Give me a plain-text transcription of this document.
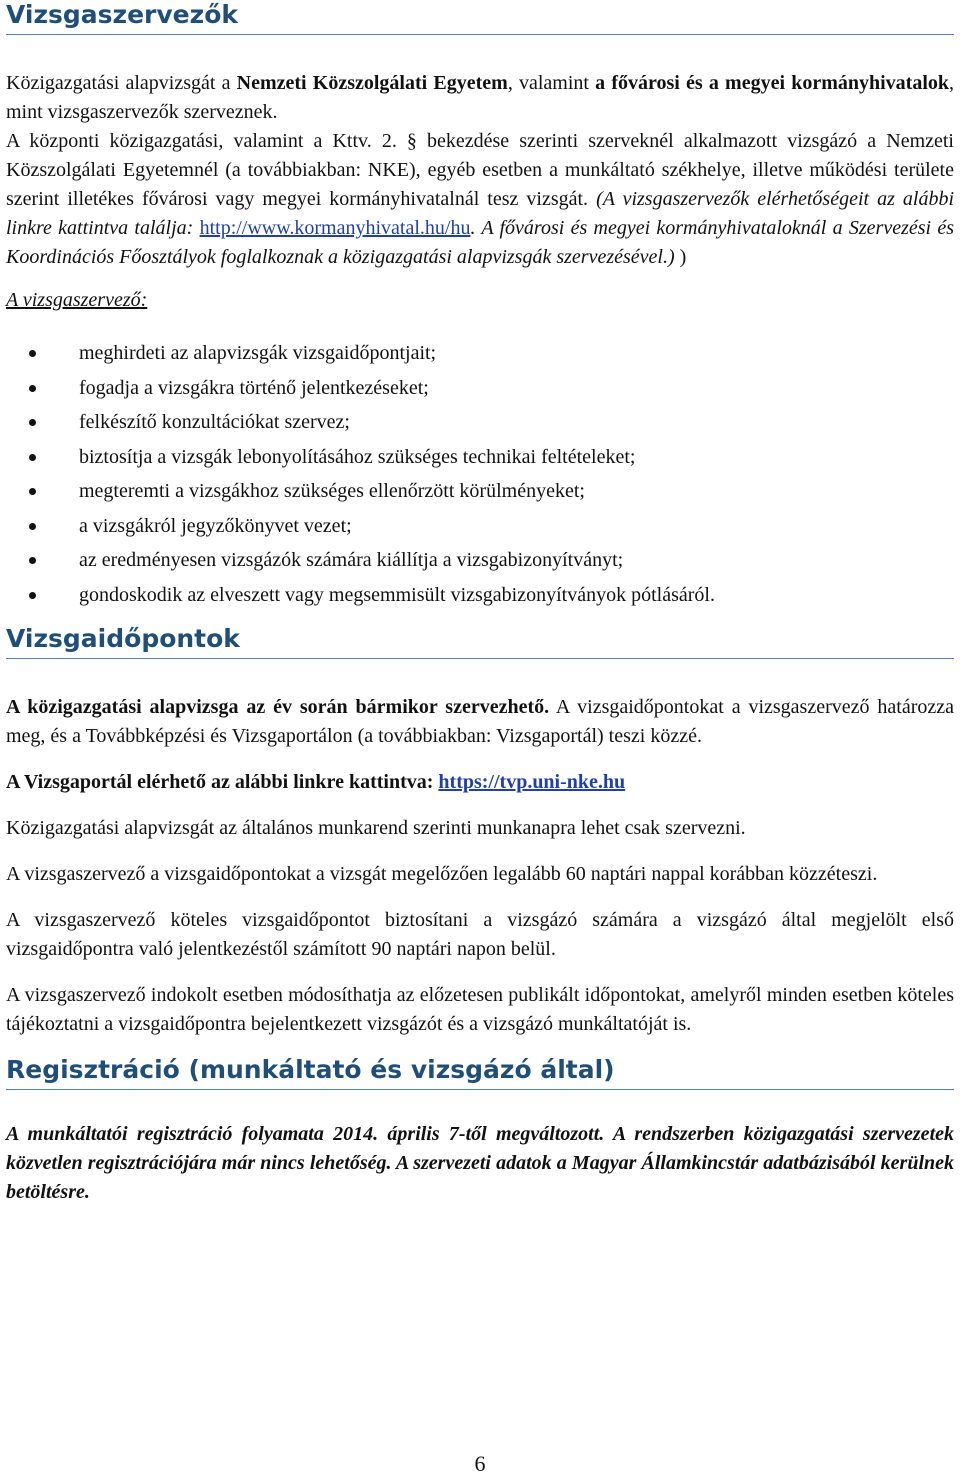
Vizsgaszervezők

Közigazgatási alapvizsgát a Nemzeti Közszolgálati Egyetem, valamint a fővárosi és a megyei kormányhivatalok, mint vizsgaszervezők szerveznek.
A központi közigazgatási, valamint a Kttv. 2. § bekezdése szerinti szerveknél alkalmazott vizsgázó a Nemzeti Közszolgálati Egyetemnél (a továbbiakban: NKE), egyéb esetben a munkáltató székhelye, illetve működési területe szerint illetékes fővárosi vagy megyei kormányhivatalnál tesz vizsgát. (A vizsgaszervezők elérhetőségeit az alábbi linkre kattintva találja: http://www.kormanyhivatal.hu/hu. A fővárosi és megyei kormányhivataloknál a Szervezési és Koordinációs Főosztályok foglalkoznak a közigazgatási alapvizsgák szervezésével.) )

A vizsgaszervező:

meghirdeti az alapvizsgák vizsgaidőpontjait;
fogadja a vizsgákra történő jelentkezéseket;
felkészítő konzultációkat szervez;
biztosítja a vizsgák lebonyolításához szükséges technikai feltételeket;
megteremti a vizsgákhoz szükséges ellenőrzött körülményeket;
a vizsgákról jegyzőkönyvet vezet;
az eredményesen vizsgázók számára kiállítja a vizsgabizonyítványt;
gondoskodik az elveszett vagy megsemmisült vizsgabizonyítványok pótlásáról.
Vizsgaidőpontok

A közigazgatási alapvizsga az év során bármikor szervezhető. A vizsgaidőpontokat a vizsgaszervező határozza meg, és a Továbbképzési és Vizsgaportálon (a továbbiakban: Vizsgaportál) teszi közzé.

A Vizsgaportál elérhető az alábbi linkre kattintva: https://tvp.uni-nke.hu

Közigazgatási alapvizsgát az általános munkarend szerinti munkanapra lehet csak szervezni.

A vizsgaszervező a vizsgaidőpontokat a vizsgát megelőzően legalább 60 naptári nappal korábban közzéteszi.

A vizsgaszervező köteles vizsgaidőpontot biztosítani a vizsgázó számára a vizsgázó által megjelölt első vizsgaidőpontra való jelentkezéstől számított 90 naptári napon belül.

A vizsgaszervező indokolt esetben módosíthatja az előzetesen publikált időpontokat, amelyről minden esetben köteles tájékoztatni a vizsgaidőpontra bejelentkezett vizsgázót és a vizsgázó munkáltatóját is.

Regisztráció (munkáltató és vizsgázó által)

A munkáltatói regisztráció folyamata 2014. április 7-től megváltozott. A rendszerben közigazgatási szervezetek közvetlen regisztrációjára már nincs lehetőség. A szervezeti adatok a Magyar Államkincstár adatbázisából kerülnek betöltésre.

6
